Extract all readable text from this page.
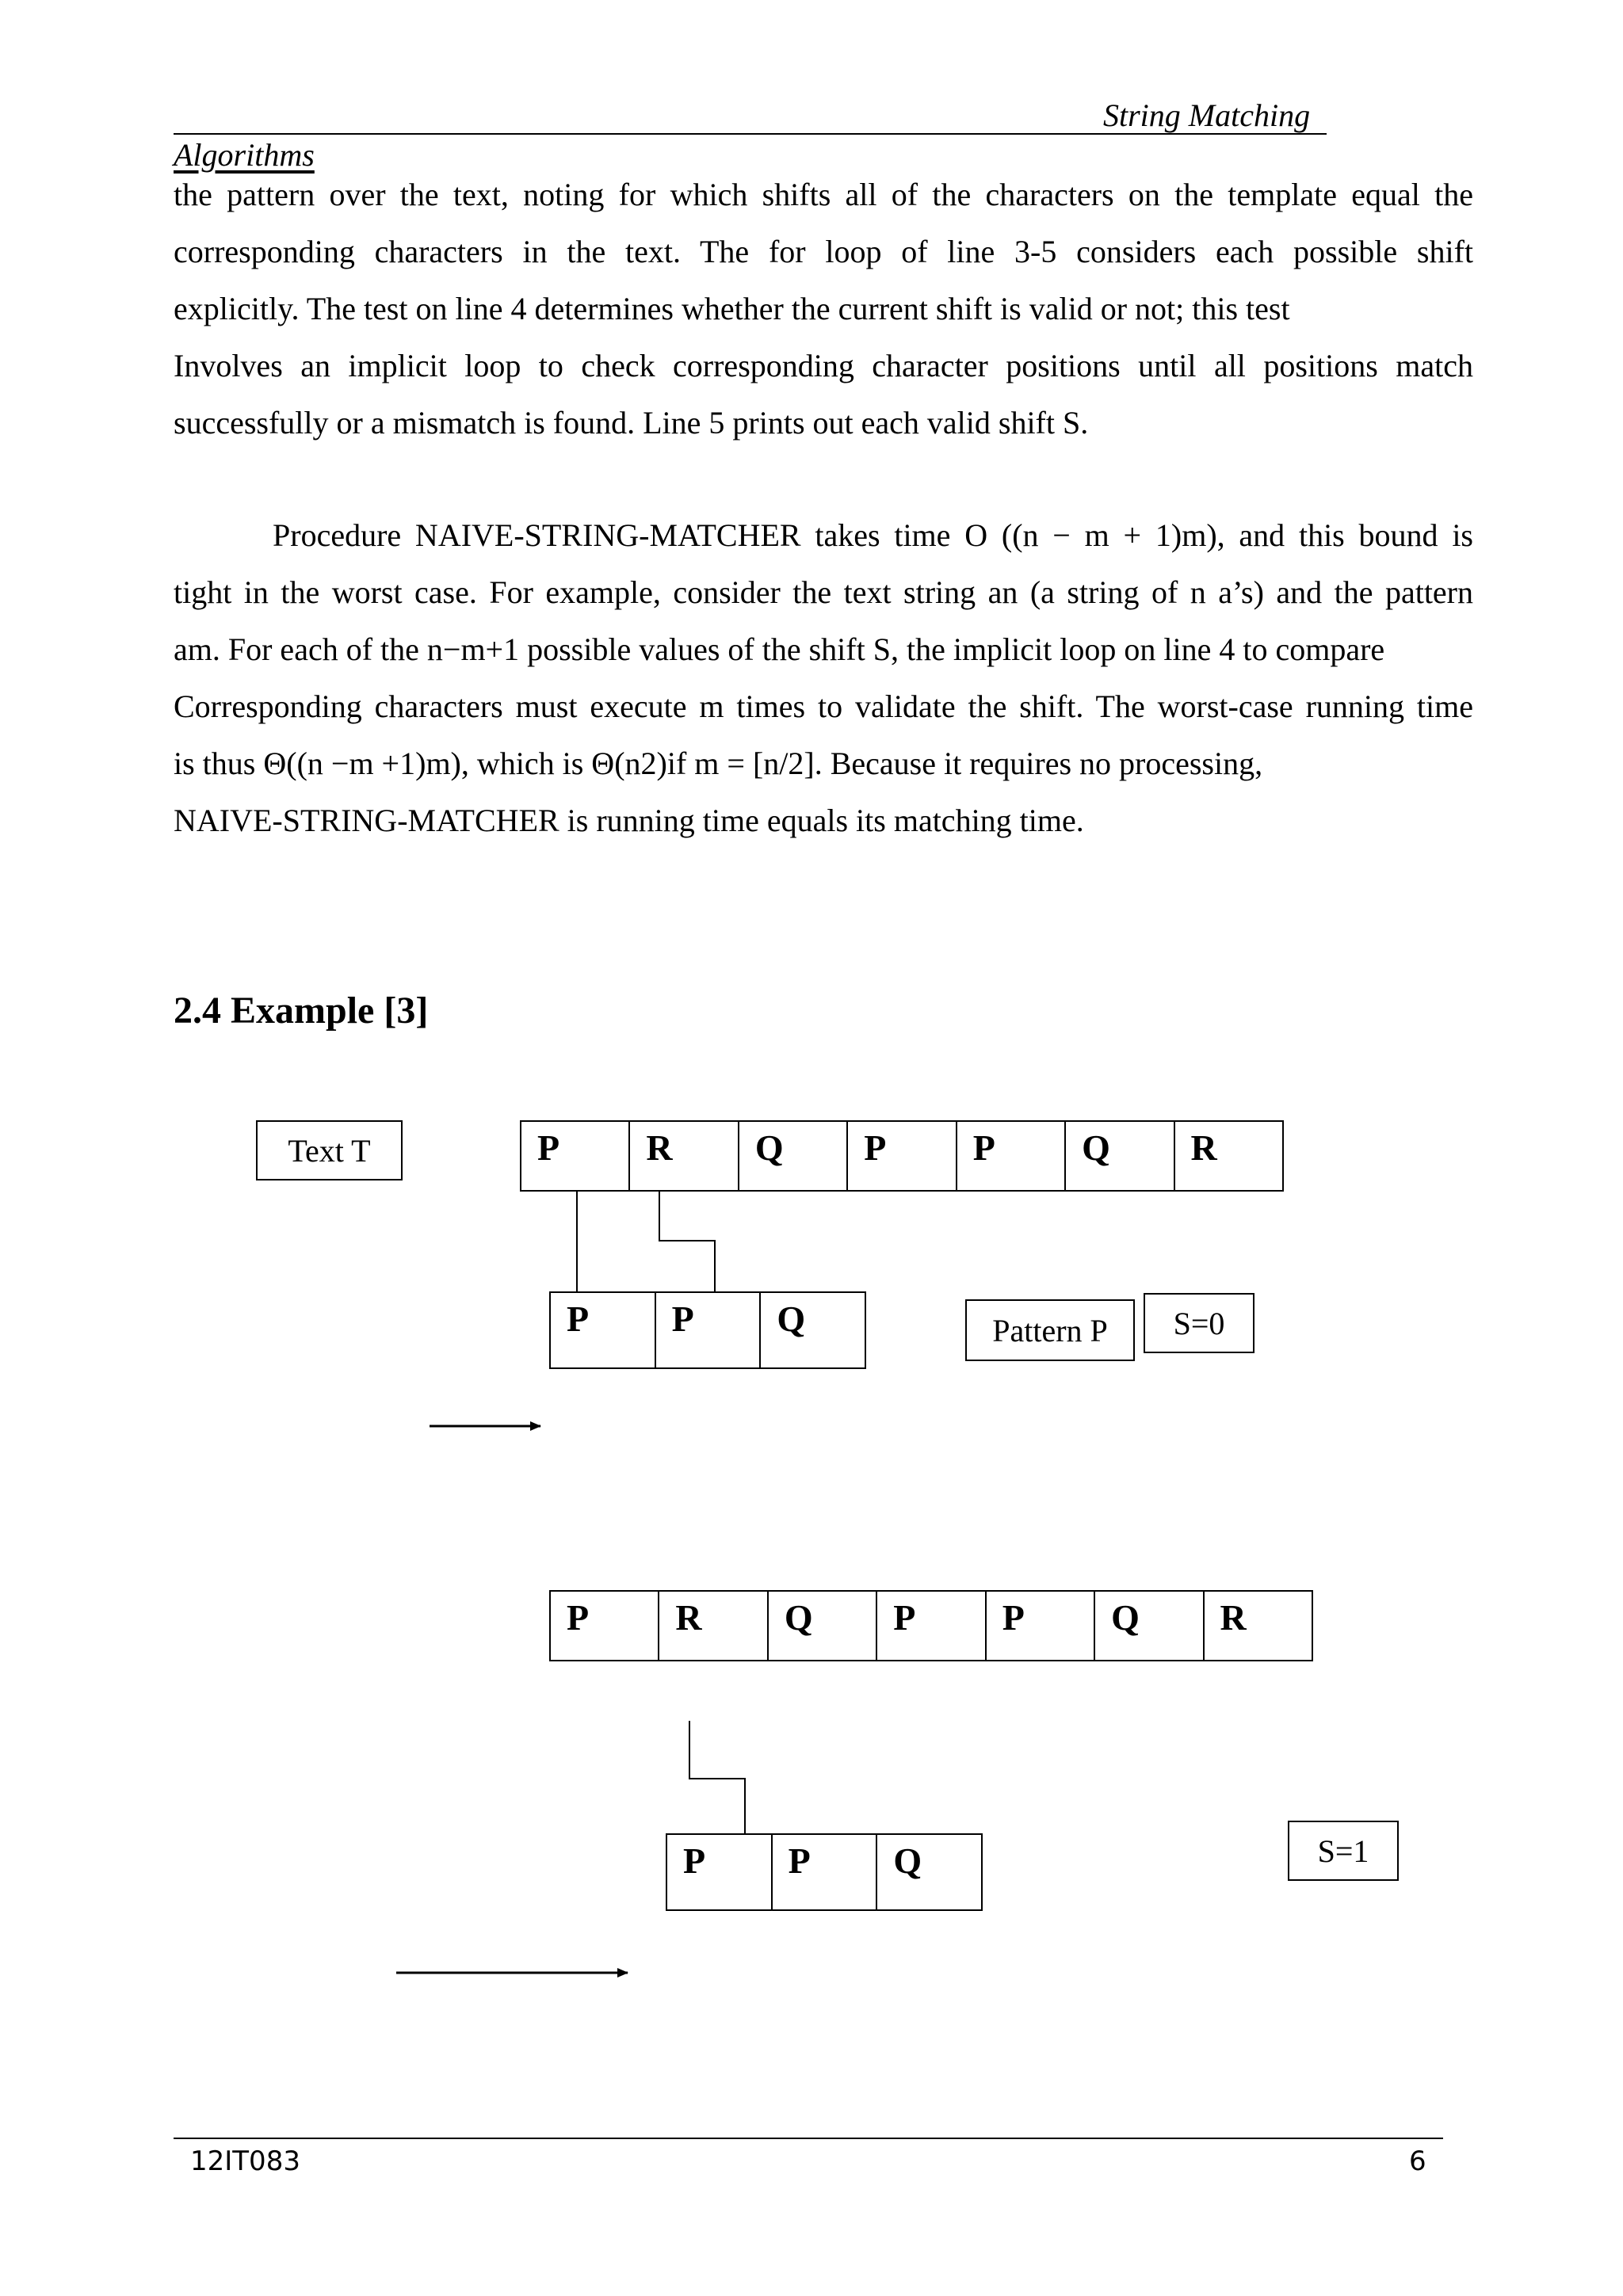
String Matching
Algorithms
the pattern over the text, noting for which shifts all of the characters on the template equal the
corresponding characters in the text. The for loop of line 3-5 considers each possible shift
explicitly. The test on line 4 determines whether the current shift is valid or not; this test
Involves an implicit loop to check corresponding character positions until all positions match
successfully or a mismatch is found. Line 5 prints out each valid shift S.
Procedure NAIVE-STRING-MATCHER takes time O ((n − m + 1)m), and this bound is
tight in the worst case. For example, consider the text string an (a string of n a’s) and the pattern
am. For each of the n−m+1 possible values of the shift S, the implicit loop on line 4 to compare
Corresponding characters must execute m times to validate the shift. The worst-case running time
is thus Θ((n −m +1)m), which is Θ(n2)if m = [n/2]. Because it requires no processing,
NAIVE-STRING-MATCHER is running time equals its matching time.
2.4 Example [3]
Text T	P	R	Q	P	P	Q	R
P	P	Q	Pattern P	S=0
P	R	Q	P	P	Q	R
P	P	Q	S=1
12IT083	6
